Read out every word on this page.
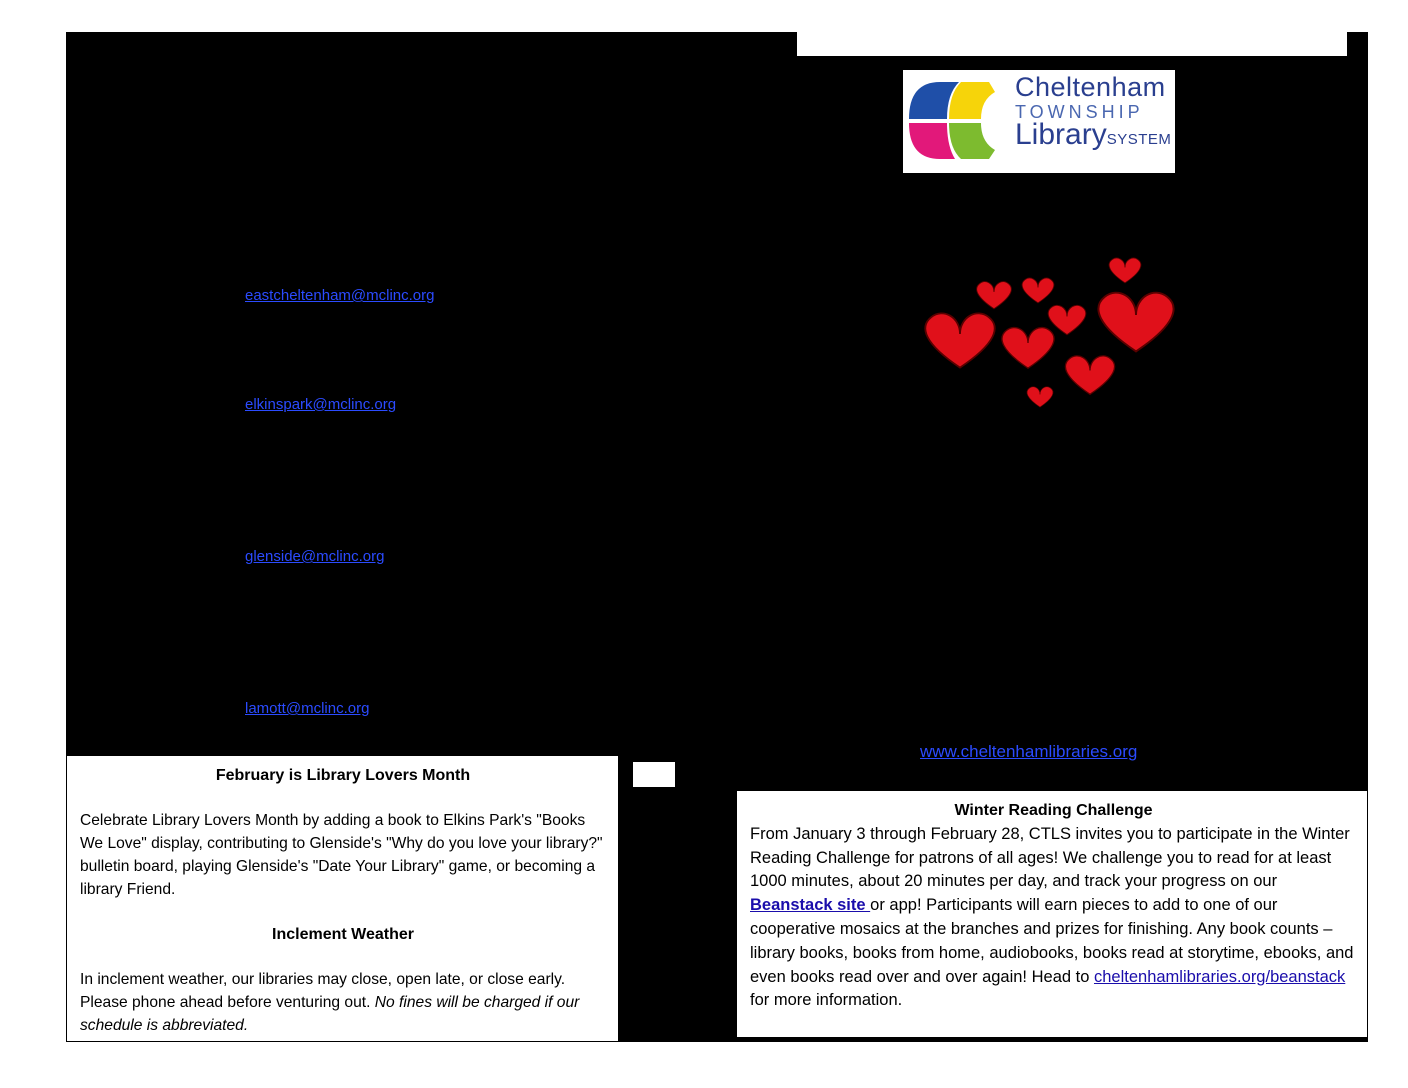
Cheltenham
TOWNSHIP
LibrarySYSTEM
eastcheltenham@mclinc.org
elkinspark@mclinc.org
glenside@mclinc.org
lamott@mclinc.org
www.cheltenhamlibraries.org
February is Library Lovers Month

Celebrate Library Lovers Month by adding a book to Elkins Park's "Books We Love" display, contributing to Glenside's "Why do you love your library?" bulletin board, playing Glenside's "Date Your Library" game, or becoming a library Friend.

Inclement Weather

In inclement weather, our libraries may close, open late, or close early. Please phone ahead before venturing out. No fines will be charged if our schedule is abbreviated.

Winter Reading Challenge

From January 3 through February 28, CTLS invites you to participate in the Winter Reading Challenge for patrons of all ages! We challenge you to read for at least 1000 minutes, about 20 minutes per day, and track your progress on our Beanstack site or app! Participants will earn pieces to add to one of our cooperative mosaics at the branches and prizes for finishing. Any book counts – library books, books from home, audiobooks, books read at storytime, ebooks, and even books read over and over again! Head to cheltenhamlibraries.org/beanstack for more information.
